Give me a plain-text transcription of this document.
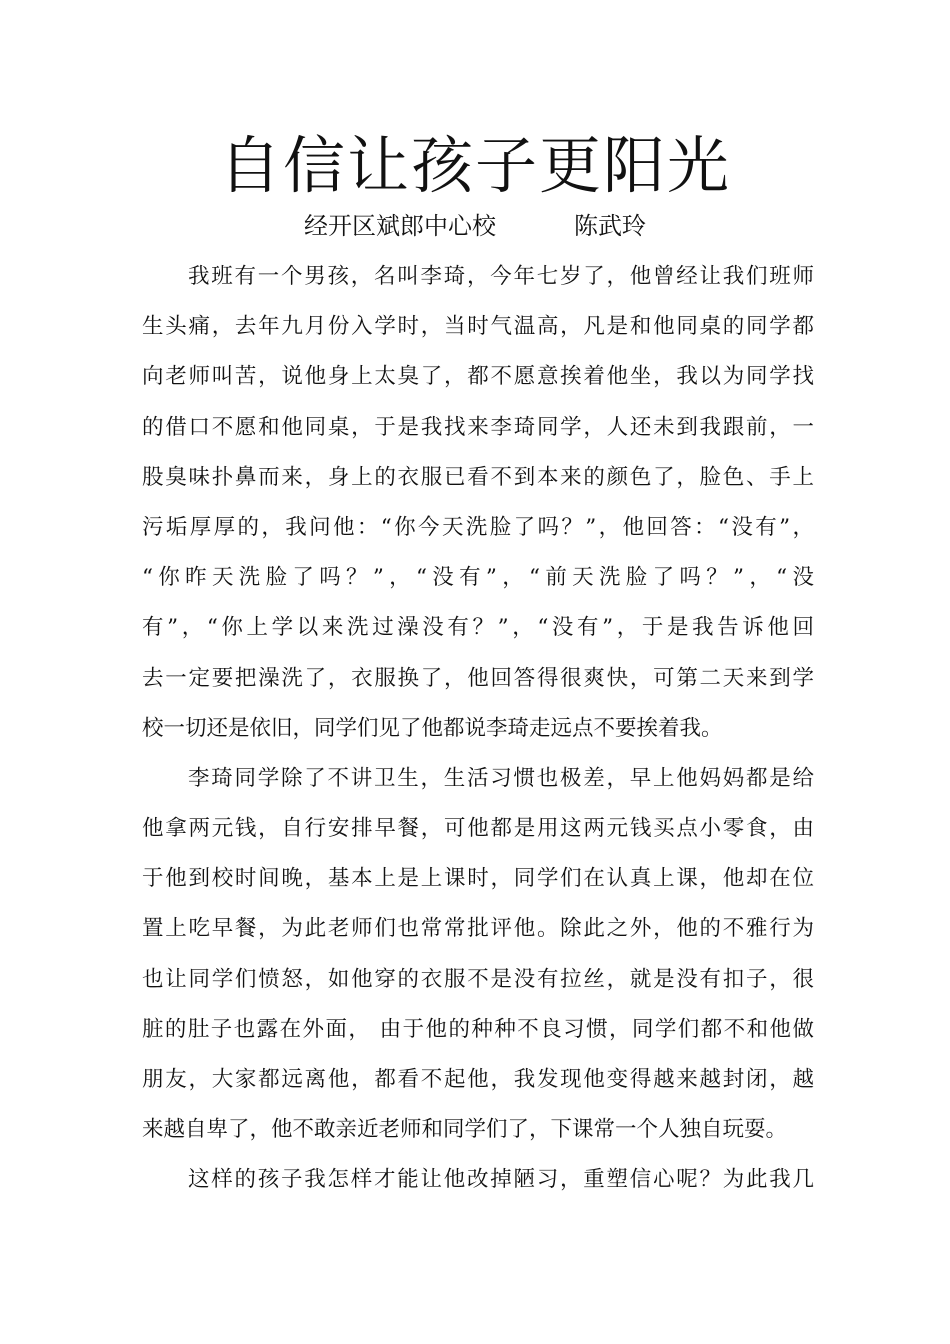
自信让孩子更阳光
经开区斌郎中心校	陈武玲
我班有一个男孩，名叫李琦，今年七岁了，他曾经让我们班师
生头痛，去年九月份入学时，当时气温高，凡是和他同桌的同学都
向老师叫苦，说他身上太臭了，都不愿意挨着他坐，我以为同学找
的借口不愿和他同桌，于是我找来李琦同学，人还未到我跟前，一
股臭味扑鼻而来，身上的衣服已看不到本来的颜色了，脸色、手上
污垢厚厚的，我问他：“你今天洗脸了吗？”，他回答：“没有”，
“你昨天洗脸了吗？”，“没有”，“前天洗脸了吗？”，“没
有”，“你上学以来洗过澡没有？”，“没有”，于是我告诉他回
去一定要把澡洗了，衣服换了，他回答得很爽快，可第二天来到学
校一切还是依旧，同学们见了他都说李琦走远点不要挨着我。
李琦同学除了不讲卫生，生活习惯也极差，早上他妈妈都是给
他拿两元钱，自行安排早餐，可他都是用这两元钱买点小零食，由
于他到校时间晚，基本上是上课时，同学们在认真上课，他却在位
置上吃早餐，为此老师们也常常批评他。除此之外，他的不雅行为
也让同学们愤怒，如他穿的衣服不是没有拉丝，就是没有扣子，很
脏的肚子也露在外面， 由于他的种种不良习惯，同学们都不和他做
朋友，大家都远离他，都看不起他，我发现他变得越来越封闭，越
来越自卑了，他不敢亲近老师和同学们了，下课常一个人独自玩耍。
这样的孩子我怎样才能让他改掉陋习，重塑信心呢？为此我几
